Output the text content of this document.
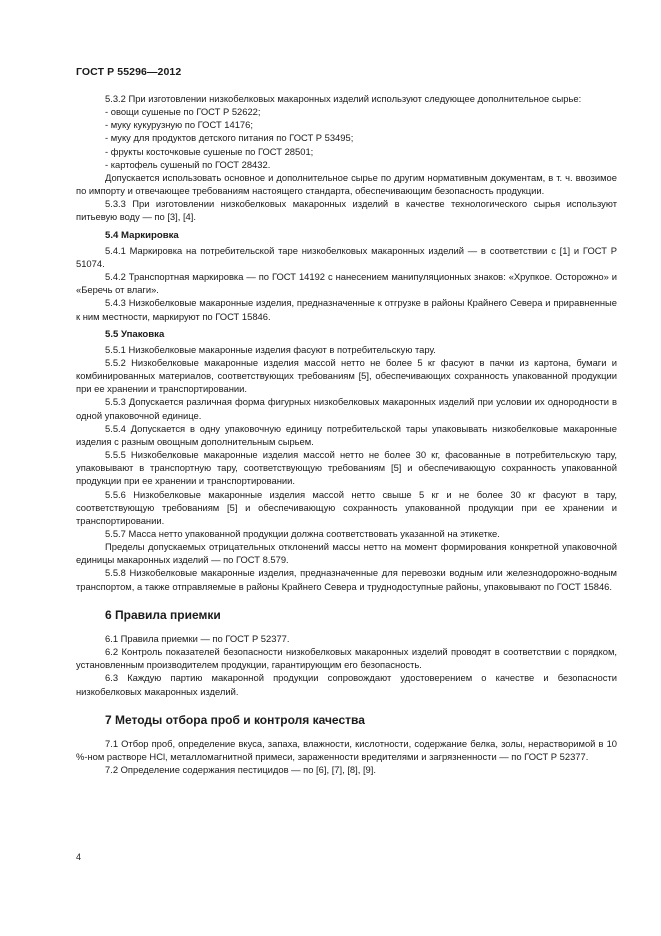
ГОСТ Р 55296—2012

5.3.2 При изготовлении низкобелковых макаронных изделий используют следующее дополнительное сырье:

- овощи сушеные по ГОСТ Р 52622;

- муку кукурузную по ГОСТ 14176;

- муку для продуктов детского питания по ГОСТ Р 53495;

- фрукты косточковые сушеные по ГОСТ 28501;

- картофель сушеный по ГОСТ 28432.

Допускается использовать основное и дополнительное сырье по другим нормативным документам, в т. ч. ввозимое по импорту и отвечающее требованиям настоящего стандарта, обеспечивающим безопасность продукции.

5.3.3 При изготовлении низкобелковых макаронных изделий в качестве технологического сырья используют питьевую воду — по [3], [4].

5.4 Маркировка

5.4.1 Маркировка на потребительской таре низкобелковых макаронных изделий — в соответствии с [1] и ГОСТ Р 51074.

5.4.2 Транспортная маркировка — по ГОСТ 14192 с нанесением манипуляционных знаков: «Хрупкое. Осторожно» и «Беречь от влаги».

5.4.3 Низкобелковые макаронные изделия, предназначенные к отгрузке в районы Крайнего Севера и приравненные к ним местности, маркируют по ГОСТ 15846.

5.5 Упаковка

5.5.1 Низкобелковые макаронные изделия фасуют в потребительскую тару.

5.5.2 Низкобелковые макаронные изделия массой нетто не более 5 кг фасуют в пачки из картона, бумаги и комбинированных материалов, соответствующих требованиям [5], обеспечивающих сохранность упакованной продукции при ее хранении и транспортировании.

5.5.3 Допускается различная форма фигурных низкобелковых макаронных изделий при условии их однородности в одной упаковочной единице.

5.5.4 Допускается в одну упаковочную единицу потребительской тары упаковывать низкобелковые макаронные изделия с разным овощным дополнительным сырьем.

5.5.5 Низкобелковые макаронные изделия массой нетто не более 30 кг, фасованные в потребительскую тару, упаковывают в транспортную тару, соответствующую требованиям [5] и обеспечивающую сохранность упакованной продукции при ее хранении и транспортировании.

5.5.6 Низкобелковые макаронные изделия массой нетто свыше 5 кг и не более 30 кг фасуют в тару, соответствующую требованиям [5] и обеспечивающую сохранность упакованной продукции при ее хранении и транспортировании.

5.5.7 Масса нетто упакованной продукции должна соответствовать указанной на этикетке.

Пределы допускаемых отрицательных отклонений массы нетто на момент формирования конкретной упаковочной единицы макаронных изделий — по ГОСТ 8.579.

5.5.8 Низкобелковые макаронные изделия, предназначенные для перевозки водным или железнодорожно-водным транспортом, а также отправляемые в районы Крайнего Севера и труднодоступные районы, упаковывают по ГОСТ 15846.

6 Правила приемки

6.1 Правила приемки — по ГОСТ Р 52377.

6.2 Контроль показателей безопасности низкобелковых макаронных изделий проводят в соответствии с порядком, установленным производителем продукции, гарантирующим его безопасность.

6.3 Каждую партию макаронной продукции сопровождают удостоверением о качестве и безопасности низкобелковых макаронных изделий.

7 Методы отбора проб и контроля качества

7.1 Отбор проб, определение вкуса, запаха, влажности, кислотности, содержание белка, золы, нерастворимой в 10 %-ном растворе HCl, металломагнитной примеси, зараженности вредителями и загрязненности — по ГОСТ Р 52377.

7.2 Определение содержания пестицидов — по [6], [7], [8], [9].

4
